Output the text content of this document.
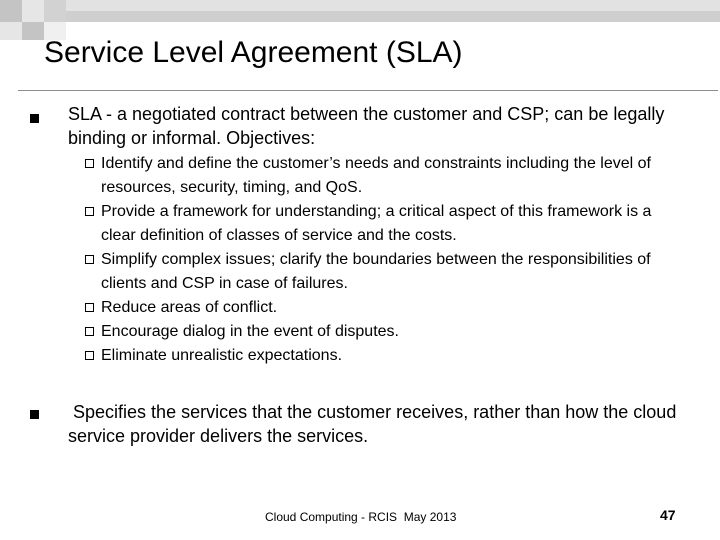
Service Level Agreement (SLA)
SLA - a negotiated contract between the customer and CSP; can be legally binding or informal. Objectives:
Identify and define the customer’s needs and constraints including the level of resources, security, timing, and QoS.
Provide a framework for understanding; a critical aspect of this framework is a clear definition of classes of service and the costs.
Simplify complex issues; clarify the boundaries between the responsibilities of clients and CSP in case of failures.
Reduce areas of conflict.
Encourage dialog in the event of disputes.
Eliminate unrealistic expectations.
Specifies the services that the customer receives, rather than how the cloud service provider delivers the services.
Cloud Computing - RCIS  May 2013	47
